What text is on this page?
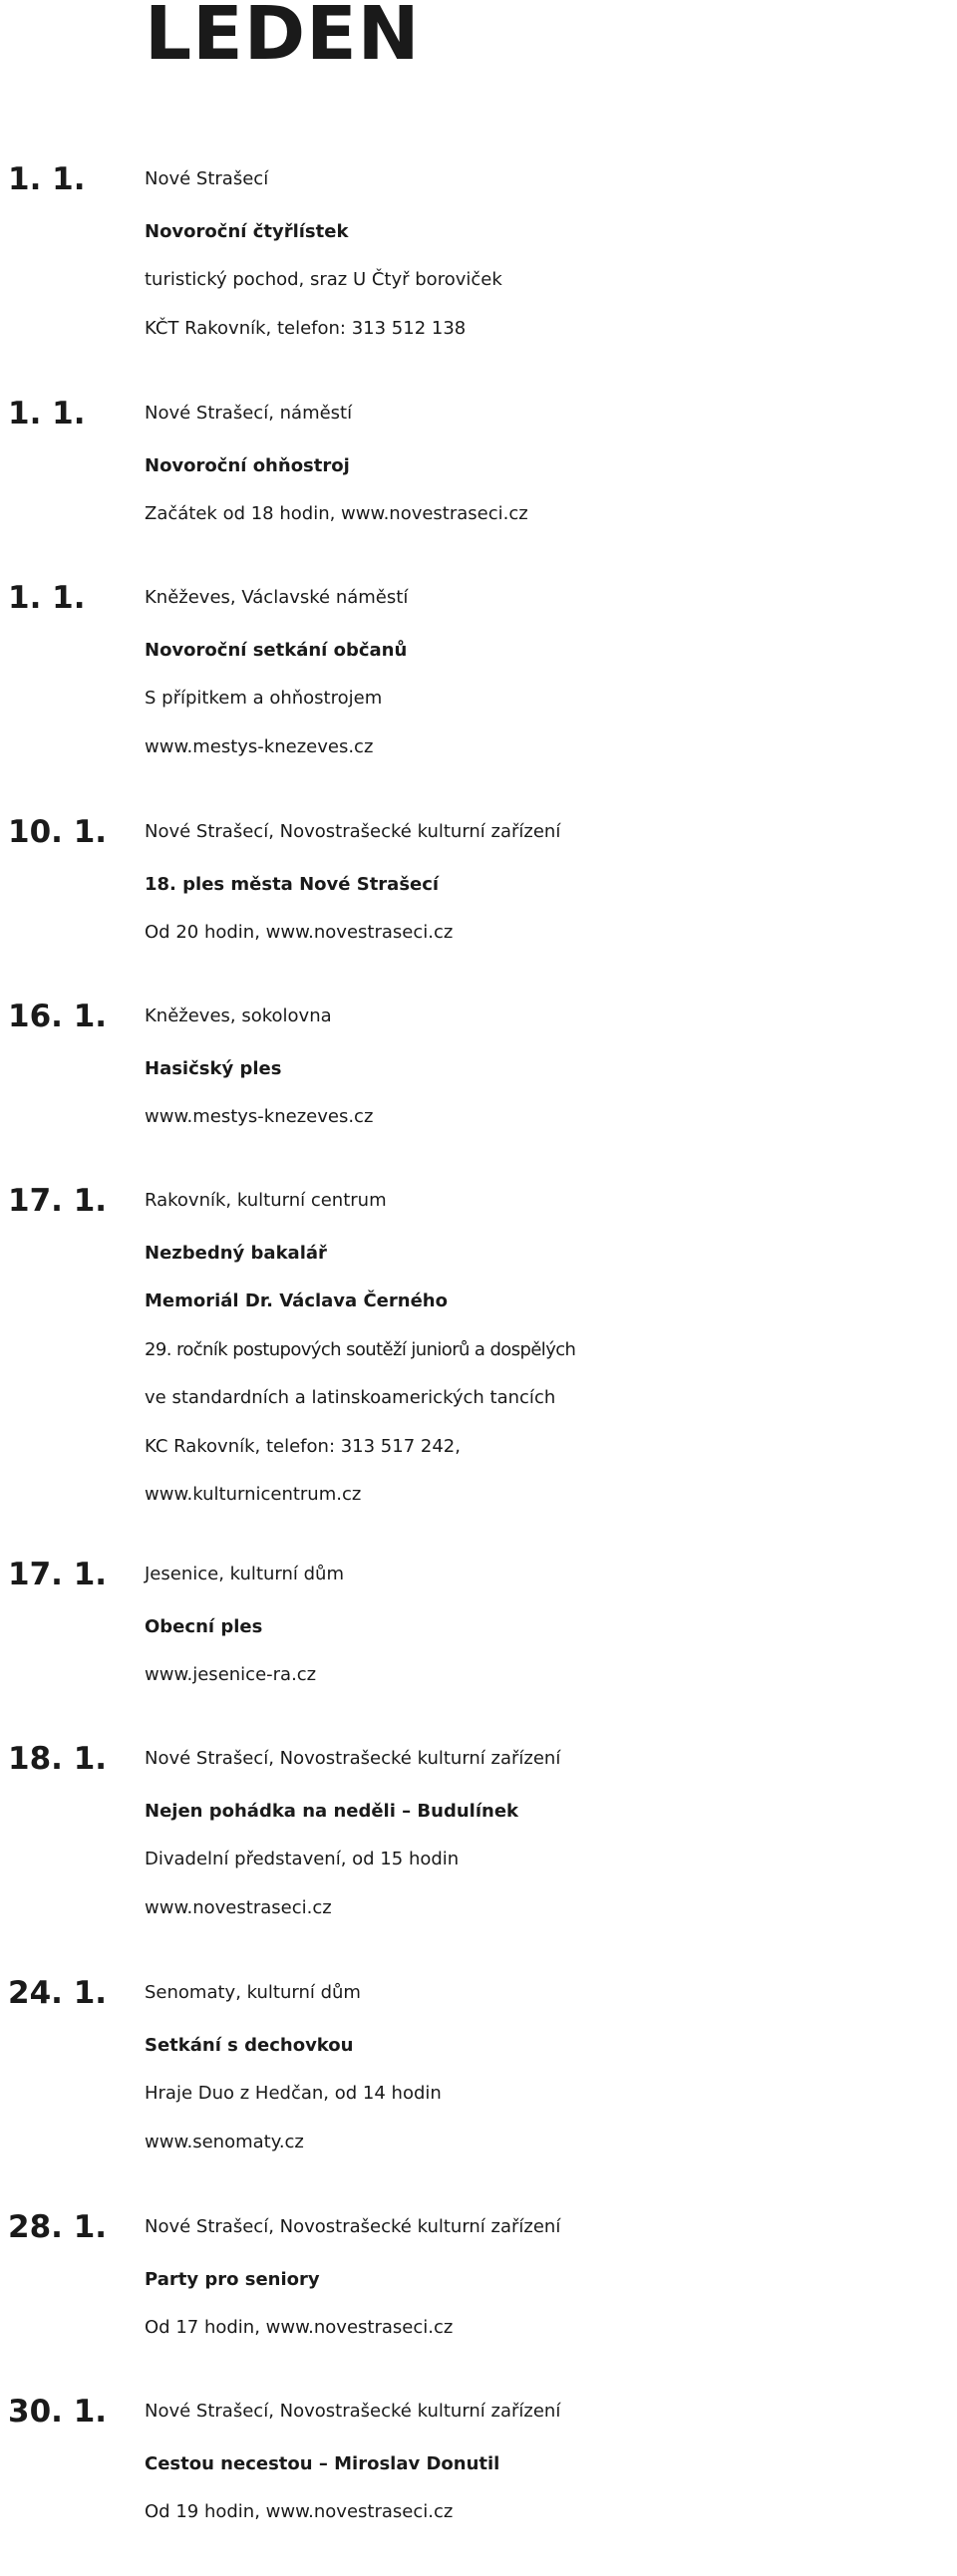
LEDEN
1. 1.	Nové Strašecí
Novoroční čtyřlístek
turistický pochod, sraz U Čtyř boroviček
KČT Rakovník, telefon: 313 512 138
1. 1.	Nové Strašecí, náměstí
Novoroční ohňostroj
Začátek od 18 hodin, www.novestraseci.cz
1. 1.	Kněževes, Václavské náměstí
Novoroční setkání občanů
S přípitkem a ohňostrojem
www.mestys-knezeves.cz
10. 1. Nové Strašecí, Novostrašecké kulturní zařízení
18. ples města Nové Strašecí
Od 20 hodin, www.novestraseci.cz
16. 1. Kněževes, sokolovna
Hasičský ples
www.mestys-knezeves.cz
17. 1. Rakovník, kulturní centrum
Nezbedný bakalář
Memoriál Dr. Václava Černého
29. ročník postupových soutěží juniorů a dospělých
ve standardních a latinskoamerických tancích
KC Rakovník, telefon: 313 517 242,
www.kulturnicentrum.cz
17. 1. Jesenice, kulturní dům
Obecní ples
www.jesenice-ra.cz
18. 1. Nové Strašecí, Novostrašecké kulturní zařízení
Nejen pohádka na neděli – Budulínek
Divadelní představení, od 15 hodin
www.novestraseci.cz
24. 1. Senomaty, kulturní dům
Setkání s dechovkou
Hraje Duo z Hedčan, od 14 hodin
www.senomaty.cz
28. 1. Nové Strašecí, Novostrašecké kulturní zařízení
Party pro seniory
Od 17 hodin, www.novestraseci.cz
30. 1. Nové Strašecí, Novostrašecké kulturní zařízení
Cestou necestou – Miroslav Donutil
Od 19 hodin, www.novestraseci.cz
